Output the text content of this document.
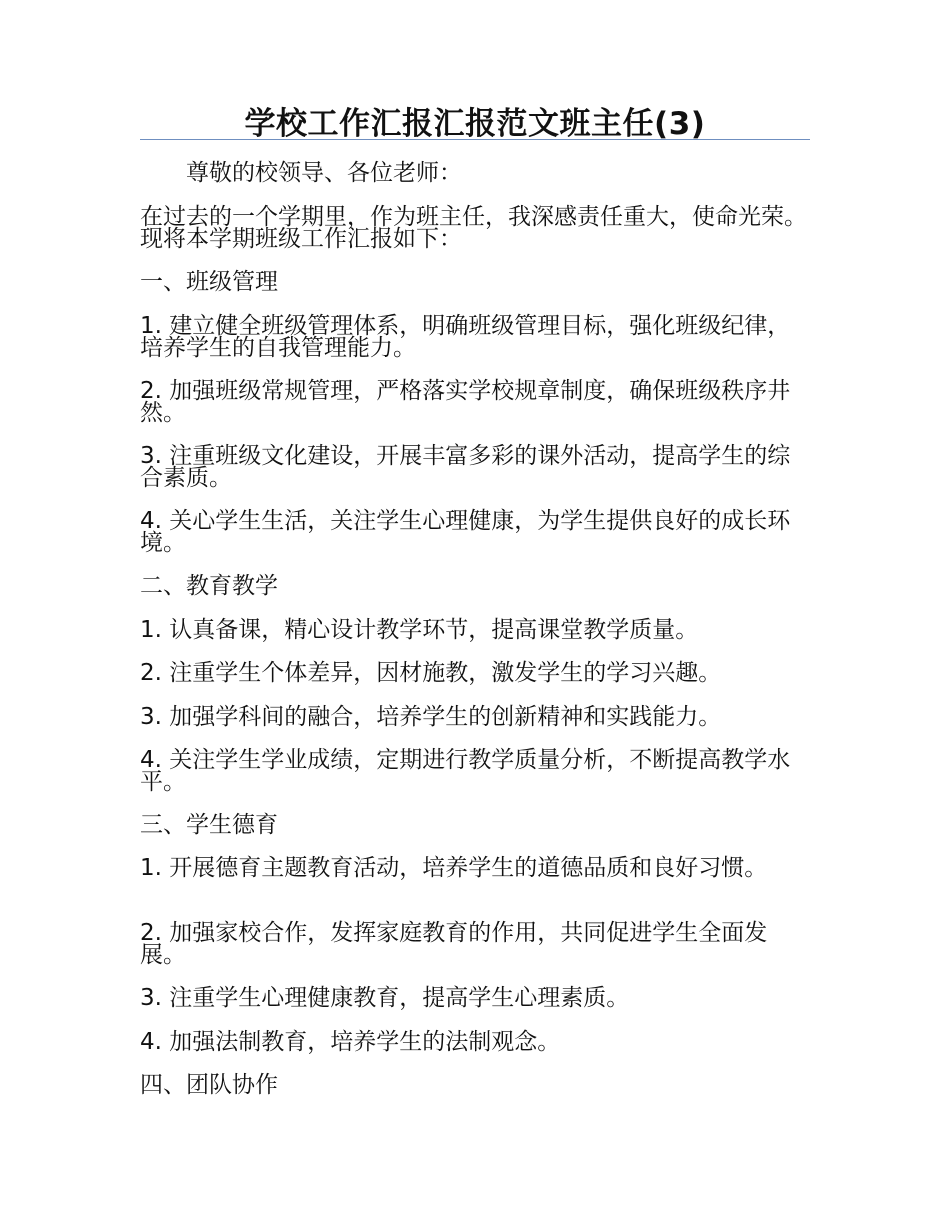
学校工作汇报汇报范文班主任(3)

尊敬的校领导、各位老师：

在过去的一个学期里，作为班主任，我深感责任重大，使命光荣。现将本学期班级工作汇报如下：

一、班级管理

1. 建立健全班级管理体系，明确班级管理目标，强化班级纪律，培养学生的自我管理能力。

2. 加强班级常规管理，严格落实学校规章制度，确保班级秩序井然。

3. 注重班级文化建设，开展丰富多彩的课外活动，提高学生的综合素质。

4. 关心学生生活，关注学生心理健康，为学生提供良好的成长环境。

二、教育教学

1. 认真备课，精心设计教学环节，提高课堂教学质量。

2. 注重学生个体差异，因材施教，激发学生的学习兴趣。

3. 加强学科间的融合，培养学生的创新精神和实践能力。

4. 关注学生学业成绩，定期进行教学质量分析，不断提高教学水平。

三、学生德育

1. 开展德育主题教育活动，培养学生的道德品质和良好习惯。

2. 加强家校合作，发挥家庭教育的作用，共同促进学生全面发展。

3. 注重学生心理健康教育，提高学生心理素质。

4. 加强法制教育，培养学生的法制观念。

四、团队协作
